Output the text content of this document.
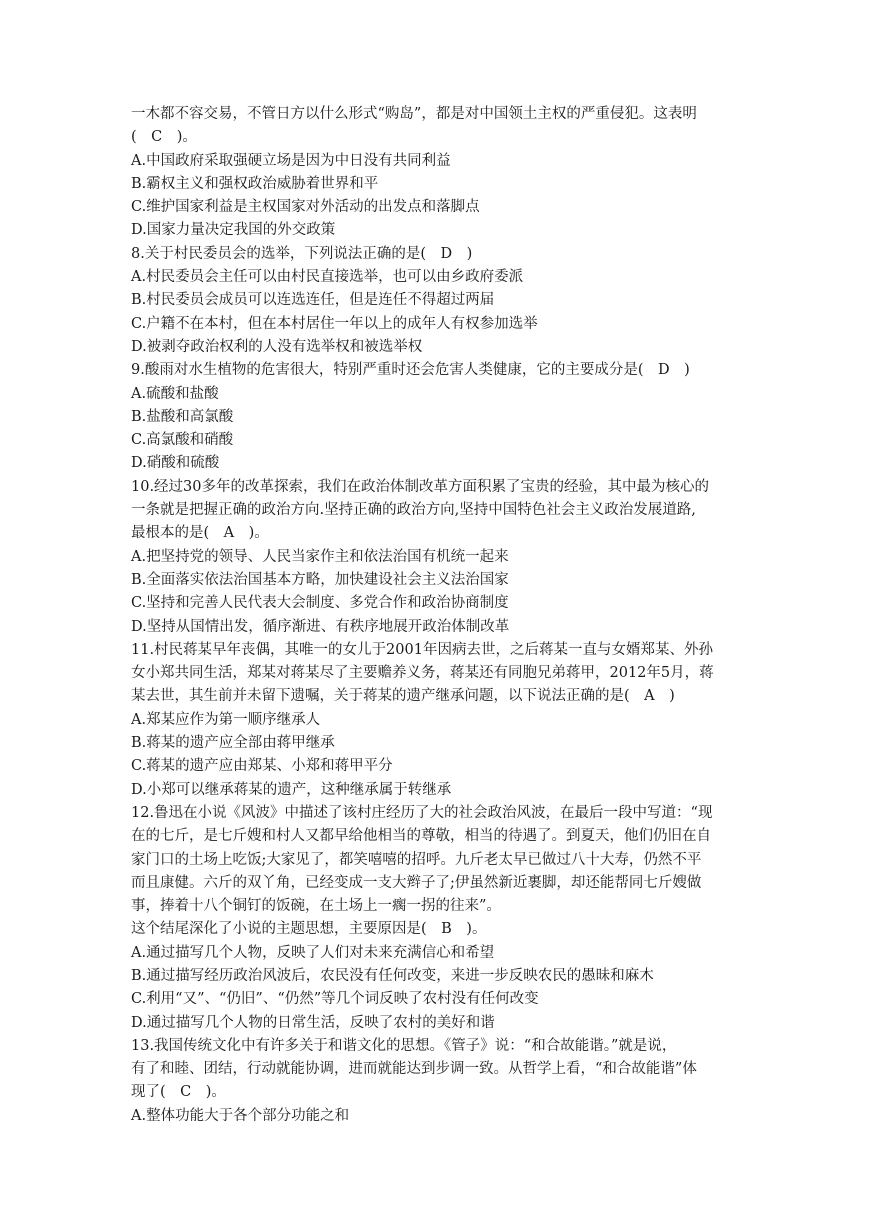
一木都不容交易，不管日方以什么形式“购岛”，都是对中国领土主权的严重侵犯。这表明
(　C　)。
A.中国政府采取强硬立场是因为中日没有共同利益
B.霸权主义和强权政治威胁着世界和平
C.维护国家利益是主权国家对外活动的出发点和落脚点
D.国家力量决定我国的外交政策
8.关于村民委员会的选举，下列说法正确的是(　D　)
A.村民委员会主任可以由村民直接选举，也可以由乡政府委派
B.村民委员会成员可以连选连任，但是连任不得超过两届
C.户籍不在本村，但在本村居住一年以上的成年人有权参加选举
D.被剥夺政治权利的人没有选举权和被选举权
9.酸雨对水生植物的危害很大，特别严重时还会危害人类健康，它的主要成分是(　D　)
A.硫酸和盐酸
B.盐酸和高氯酸
C.高氯酸和硝酸
D.硝酸和硫酸
10.经过30多年的改革探索，我们在政治体制改革方面积累了宝贵的经验，其中最为核心的
一条就是把握正确的政治方向.坚持正确的政治方向,坚持中国特色社会主义政治发展道路,
最根本的是(　A　)。
A.把坚持党的领导、人民当家作主和依法治国有机统一起来
B.全面落实依法治国基本方略，加快建设社会主义法治国家
C.坚持和完善人民代表大会制度、多党合作和政治协商制度
D.坚持从国情出发，循序渐进、有秩序地展开政治体制改革
11.村民蒋某早年丧偶，其唯一的女儿于2001年因病去世，之后蒋某一直与女婿郑某、外孙
女小郑共同生活，郑某对蒋某尽了主要赡养义务，蒋某还有同胞兄弟蒋甲，2012年5月，蒋
某去世，其生前并未留下遗嘱，关于蒋某的遗产继承问题，以下说法正确的是(　A　)
A.郑某应作为第一顺序继承人
B.蒋某的遗产应全部由蒋甲继承
C.蒋某的遗产应由郑某、小郑和蒋甲平分
D.小郑可以继承蒋某的遗产，这种继承属于转继承
12.鲁迅在小说《风波》中描述了该村庄经历了大的社会政治风波，在最后一段中写道：“现
在的七斤，是七斤嫂和村人又都早给他相当的尊敬，相当的待遇了。到夏天，他们仍旧在自
家门口的土场上吃饭;大家见了，都笑嘻嘻的招呼。九斤老太早已做过八十大寿，仍然不平
而且康健。六斤的双丫角，已经变成一支大辫子了;伊虽然新近裹脚，却还能帮同七斤嫂做
事，捧着十八个铜钉的饭碗，在土场上一瘸一拐的往来”。
这个结尾深化了小说的主题思想，主要原因是(　B　)。
A.通过描写几个人物，反映了人们对未来充满信心和希望
B.通过描写经历政治风波后，农民没有任何改变，来进一步反映农民的愚昧和麻木
C.利用“又”、“仍旧”、“仍然”等几个词反映了农村没有任何改变
D.通过描写几个人物的日常生活，反映了农村的美好和谐
13.我国传统文化中有许多关于和谐文化的思想。《管子》说：“和合故能谐。”就是说，
有了和睦、团结，行动就能协调，进而就能达到步调一致。从哲学上看，“和合故能谐”体
现了(　C　)。
A.整体功能大于各个部分功能之和
